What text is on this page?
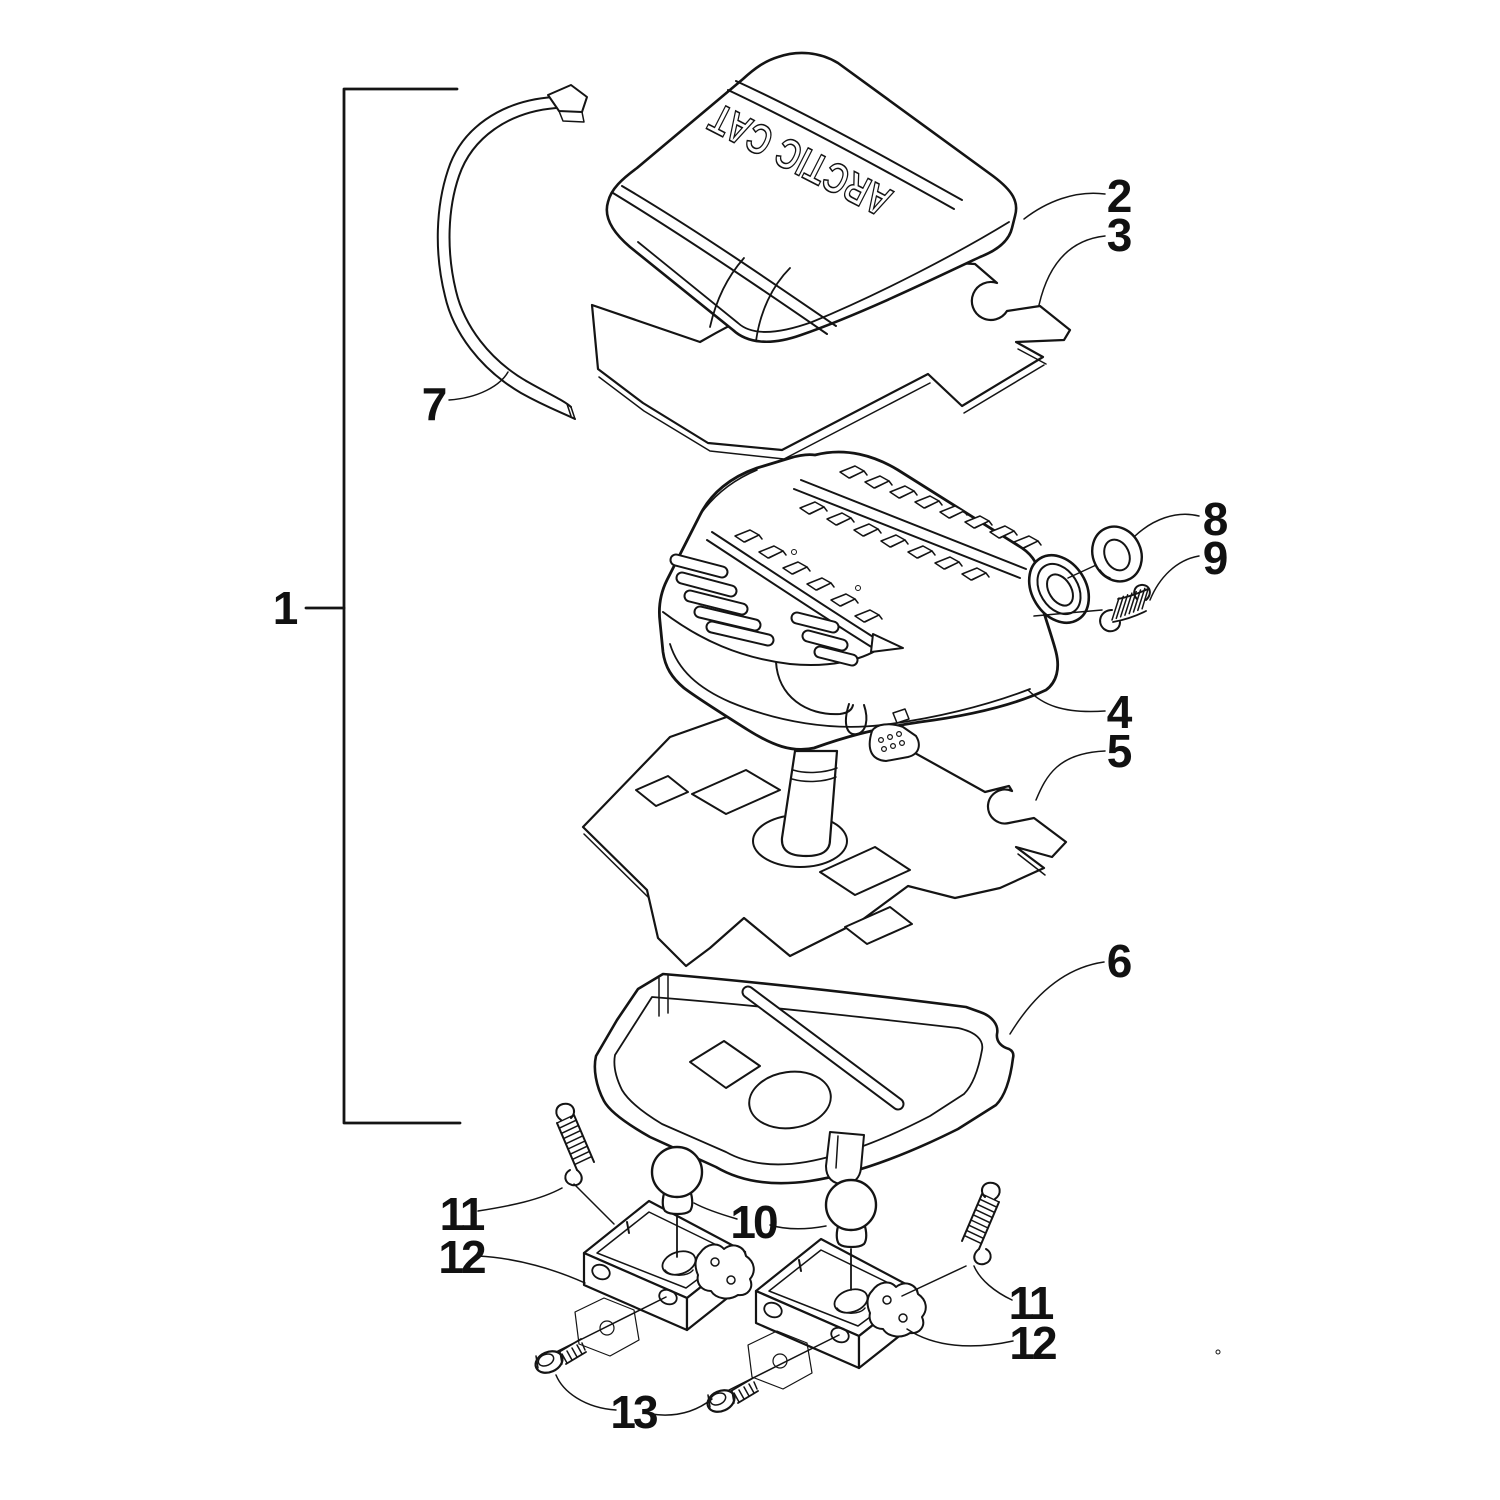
ARCTIC CAT
1
2
3
4
5
6
7
8
9
10
11
12
11
12
13
